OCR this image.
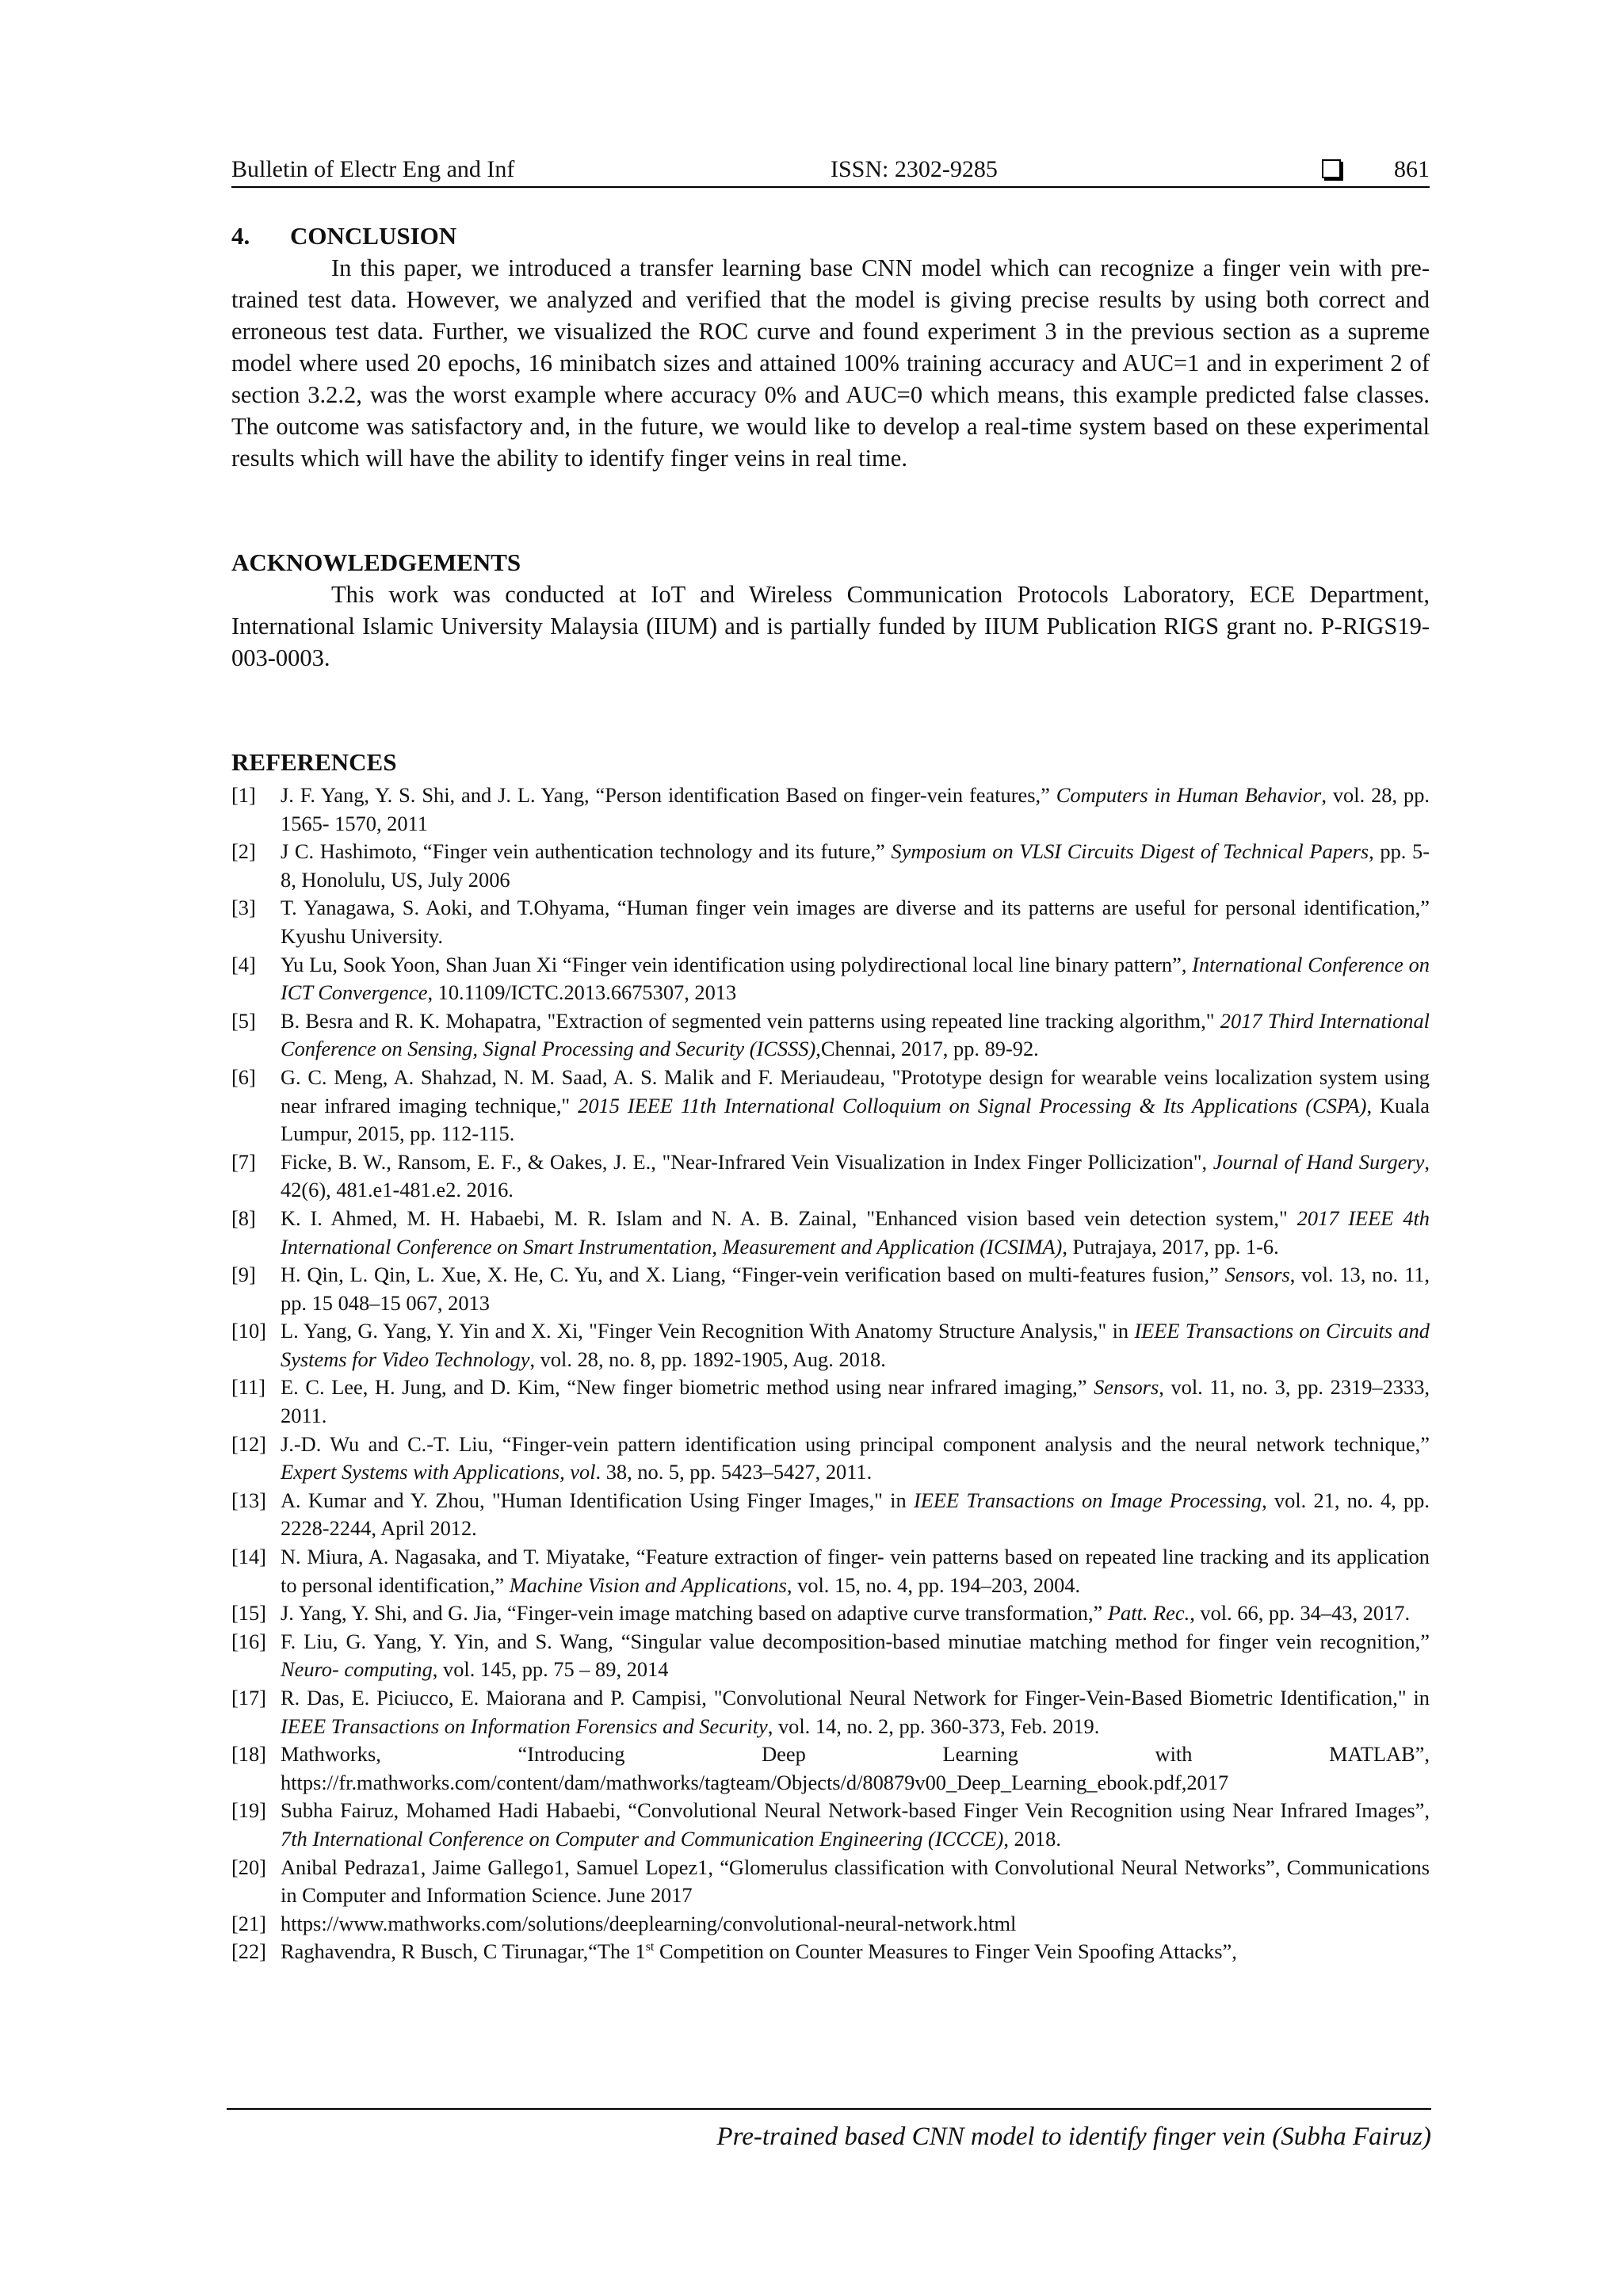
Bulletin of Electr Eng and Inf	ISSN: 2302-9285	861
4. CONCLUSION

In this paper, we introduced a transfer learning base CNN model which can recognize a finger vein with pre-trained test data. However, we analyzed and verified that the model is giving precise results by using both correct and erroneous test data. Further, we visualized the ROC curve and found experiment 3 in the previous section as a supreme model where used 20 epochs, 16 minibatch sizes and attained 100% training accuracy and AUC=1 and in experiment 2 of section 3.2.2, was the worst example where accuracy 0% and AUC=0 which means, this example predicted false classes. The outcome was satisfactory and, in the future, we would like to develop a real-time system based on these experimental results which will have the ability to identify finger veins in real time.

ACKNOWLEDGEMENTS

This work was conducted at IoT and Wireless Communication Protocols Laboratory, ECE Department, International Islamic University Malaysia (IIUM) and is partially funded by IIUM Publication RIGS grant no. P-RIGS19-003-0003.

REFERENCES
[1]	J. F. Yang, Y. S. Shi, and J. L. Yang, “Person identification Based on finger-vein features,” Computers in Human Behavior, vol. 28, pp. 1565- 1570, 2011
[2]	J C. Hashimoto, “Finger vein authentication technology and its future,” Symposium on VLSI Circuits Digest of Technical Papers, pp. 5-8, Honolulu, US, July 2006
[3]	T. Yanagawa, S. Aoki, and T.Ohyama, “Human finger vein images are diverse and its patterns are useful for personal identification,” Kyushu University.
[4]	Yu Lu, Sook Yoon, Shan Juan Xi “Finger vein identification using polydirectional local line binary pattern”, International Conference on ICT Convergence, 10.1109/ICTC.2013.6675307, 2013
[5]	B. Besra and R. K. Mohapatra, "Extraction of segmented vein patterns using repeated line tracking algorithm," 2017 Third International Conference on Sensing, Signal Processing and Security (ICSSS),Chennai, 2017, pp. 89-92.
[6]	G. C. Meng, A. Shahzad, N. M. Saad, A. S. Malik and F. Meriaudeau, "Prototype design for wearable veins localization system using near infrared imaging technique," 2015 IEEE 11th International Colloquium on Signal Processing & Its Applications (CSPA), Kuala Lumpur, 2015, pp. 112-115.
[7]	Ficke, B. W., Ransom, E. F., & Oakes, J. E., "Near-Infrared Vein Visualization in Index Finger Pollicization", Journal of Hand Surgery, 42(6), 481.e1-481.e2. 2016.
[8]	K. I. Ahmed, M. H. Habaebi, M. R. Islam and N. A. B. Zainal, "Enhanced vision based vein detection system," 2017 IEEE 4th International Conference on Smart Instrumentation, Measurement and Application (ICSIMA), Putrajaya, 2017, pp. 1-6.
[9]	H. Qin, L. Qin, L. Xue, X. He, C. Yu, and X. Liang, “Finger-vein verification based on multi-features fusion,” Sensors, vol. 13, no. 11, pp. 15 048–15 067, 2013
[10] L. Yang, G. Yang, Y. Yin and X. Xi, "Finger Vein Recognition With Anatomy Structure Analysis," in IEEE Transactions on Circuits and Systems for Video Technology, vol. 28, no. 8, pp. 1892-1905, Aug. 2018.
[11] E. C. Lee, H. Jung, and D. Kim, “New finger biometric method using near infrared imaging,” Sensors, vol. 11, no. 3, pp. 2319–2333, 2011.
[12] J.-D. Wu and C.-T. Liu, “Finger-vein pattern identification using principal component analysis and the neural network technique,” Expert Systems with Applications, vol. 38, no. 5, pp. 5423–5427, 2011.
[13] A. Kumar and Y. Zhou, "Human Identification Using Finger Images," in IEEE Transactions on Image Processing, vol. 21, no. 4, pp. 2228-2244, April 2012.
[14] N. Miura, A. Nagasaka, and T. Miyatake, “Feature extraction of finger- vein patterns based on repeated line tracking and its application to personal identification,” Machine Vision and Applications, vol. 15, no. 4, pp. 194–203, 2004.
[15] J. Yang, Y. Shi, and G. Jia, “Finger-vein image matching based on adaptive curve transformation,” Patt. Rec., vol. 66, pp. 34–43, 2017.
[16] F. Liu, G. Yang, Y. Yin, and S. Wang, “Singular value decomposition-based minutiae matching method for finger vein recognition,” Neuro- computing, vol. 145, pp. 75 – 89, 2014
[17] R. Das, E. Piciucco, E. Maiorana and P. Campisi, "Convolutional Neural Network for Finger-Vein-Based Biometric Identification," in IEEE Transactions on Information Forensics and Security, vol. 14, no. 2, pp. 360-373, Feb. 2019.
[18] Mathworks, “Introducing Deep Learning with MATLAB”, https://fr.mathworks.com/content/dam/mathworks/tagteam/Objects/d/80879v00_Deep_Learning_ebook.pdf,2017
[19] Subha Fairuz, Mohamed Hadi Habaebi, “Convolutional Neural Network-based Finger Vein Recognition using Near Infrared Images”, 7th International Conference on Computer and Communication Engineering (ICCCE), 2018.
[20] Anibal Pedraza1, Jaime Gallego1, Samuel Lopez1, “Glomerulus classification with Convolutional Neural Networks”, Communications in Computer and Information Science. June 2017
[21] https://www.mathworks.com/solutions/deeplearning/convolutional-neural-network.html
[22] Raghavendra, R Busch, C Tirunagar,“The 1st Competition on Counter Measures to Finger Vein Spoofing Attacks”,
Pre-trained based CNN model to identify finger vein (Subha Fairuz)
